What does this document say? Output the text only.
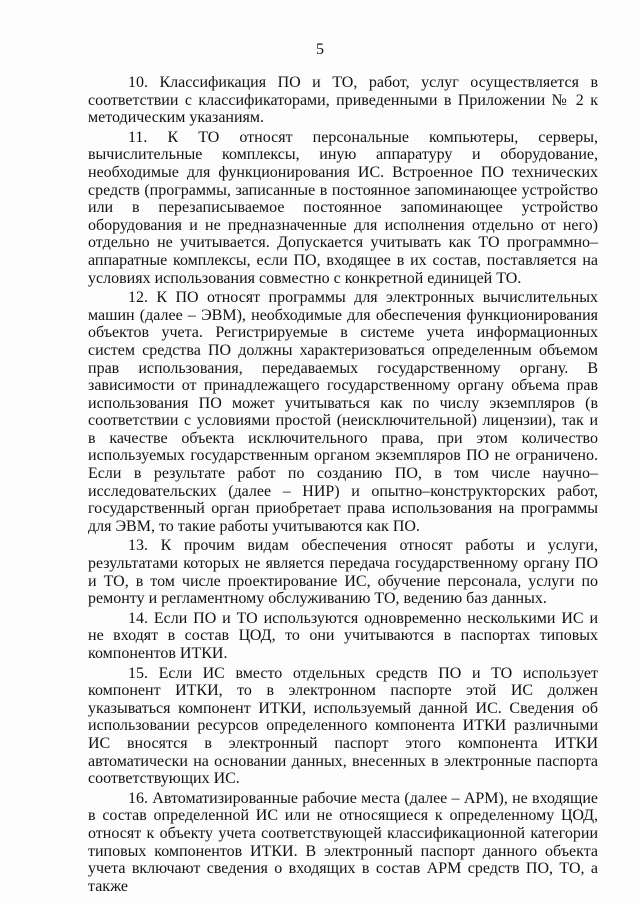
5

10. Классификация ПО и ТО, работ, услуг осуществляется в соответствии с классификаторами, приведенными в Приложении № 2 к методическим указаниям.

11. К ТО относят персональные компьютеры, серверы, вычислительные комплексы, иную аппаратуру и оборудование, необходимые для функционирования ИС. Встроенное ПО технических средств (программы, записанные в постоянное запоминающее устройство или в перезаписываемое постоянное запоминающее устройство оборудования и не предназначенные для исполнения отдельно от него) отдельно не учитывается. Допускается учитывать как ТО программно–аппаратные комплексы, если ПО, входящее в их состав, поставляется на условиях использования совместно с конкретной единицей ТО.

12. К ПО относят программы для электронных вычислительных машин (далее – ЭВМ), необходимые для обеспечения функционирования объектов учета. Регистрируемые в системе учета информационных систем средства ПО должны характеризоваться определенным объемом прав использования, передаваемых государственному органу. В зависимости от принадлежащего государственному органу объема прав использования ПО может учитываться как по числу экземпляров (в соответствии с условиями простой (неисключительной) лицензии), так и в качестве объекта исключительного права, при этом количество используемых государственным органом экземпляров ПО не ограничено. Если в результате работ по созданию ПО, в том числе научно–исследовательских (далее – НИР) и опытно–конструкторских работ, государственный орган приобретает права использования на программы для ЭВМ, то такие работы учитываются как ПО.

13. К прочим видам обеспечения относят работы и услуги, результатами которых не является передача государственному органу ПО и ТО, в том числе проектирование ИС, обучение персонала, услуги по ремонту и регламентному обслуживанию ТО, ведению баз данных.

14. Если ПО и ТО используются одновременно несколькими ИС и не входят в состав ЦОД, то они учитываются в паспортах типовых компонентов ИТКИ.

15. Если ИС вместо отдельных средств ПО и ТО использует компонент ИТКИ, то в электронном паспорте этой ИС должен указываться компонент ИТКИ, используемый данной ИС. Сведения об использовании ресурсов определенного компонента ИТКИ различными ИС вносятся в электронный паспорт этого компонента ИТКИ автоматически на основании данных, внесенных в электронные паспорта соответствующих ИС.

16. Автоматизированные рабочие места (далее – АРМ), не входящие в состав определенной ИС или не относящиеся к определенному ЦОД, относят к объекту учета соответствующей классификационной категории типовых компонентов ИТКИ. В электронный паспорт данного объекта учета включают сведения о входящих в состав АРМ средств ПО, ТО, а также
